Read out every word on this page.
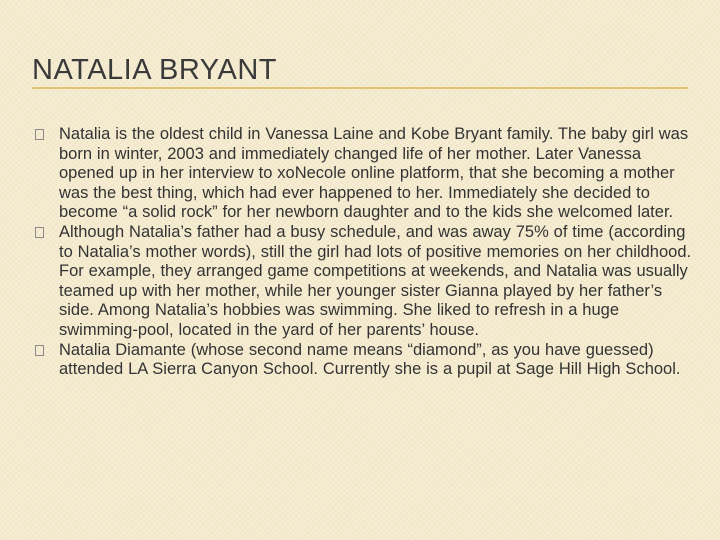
NATALIA BRYANT
Natalia is the oldest child in Vanessa Laine and Kobe Bryant family. The baby girl was born in winter, 2003 and immediately changed life of her mother. Later Vanessa opened up in her interview to xoNecole online platform, that she becoming a mother was the best thing, which had ever happened to her. Immediately she decided to become “a solid rock” for her newborn daughter and to the kids she welcomed later.
Although Natalia’s father had a busy schedule, and was away 75% of time (according to Natalia’s mother words), still the girl had lots of positive memories on her childhood. For example, they arranged game competitions at weekends, and Natalia was usually teamed up with her mother, while her younger sister Gianna played by her father’s side. Among Natalia’s hobbies was swimming. She liked to refresh in a huge swimming-pool, located in the yard of her parents’ house.
Natalia Diamante (whose second name means “diamond”, as you have guessed) attended LA Sierra Canyon School. Currently she is a pupil at Sage Hill High School.
